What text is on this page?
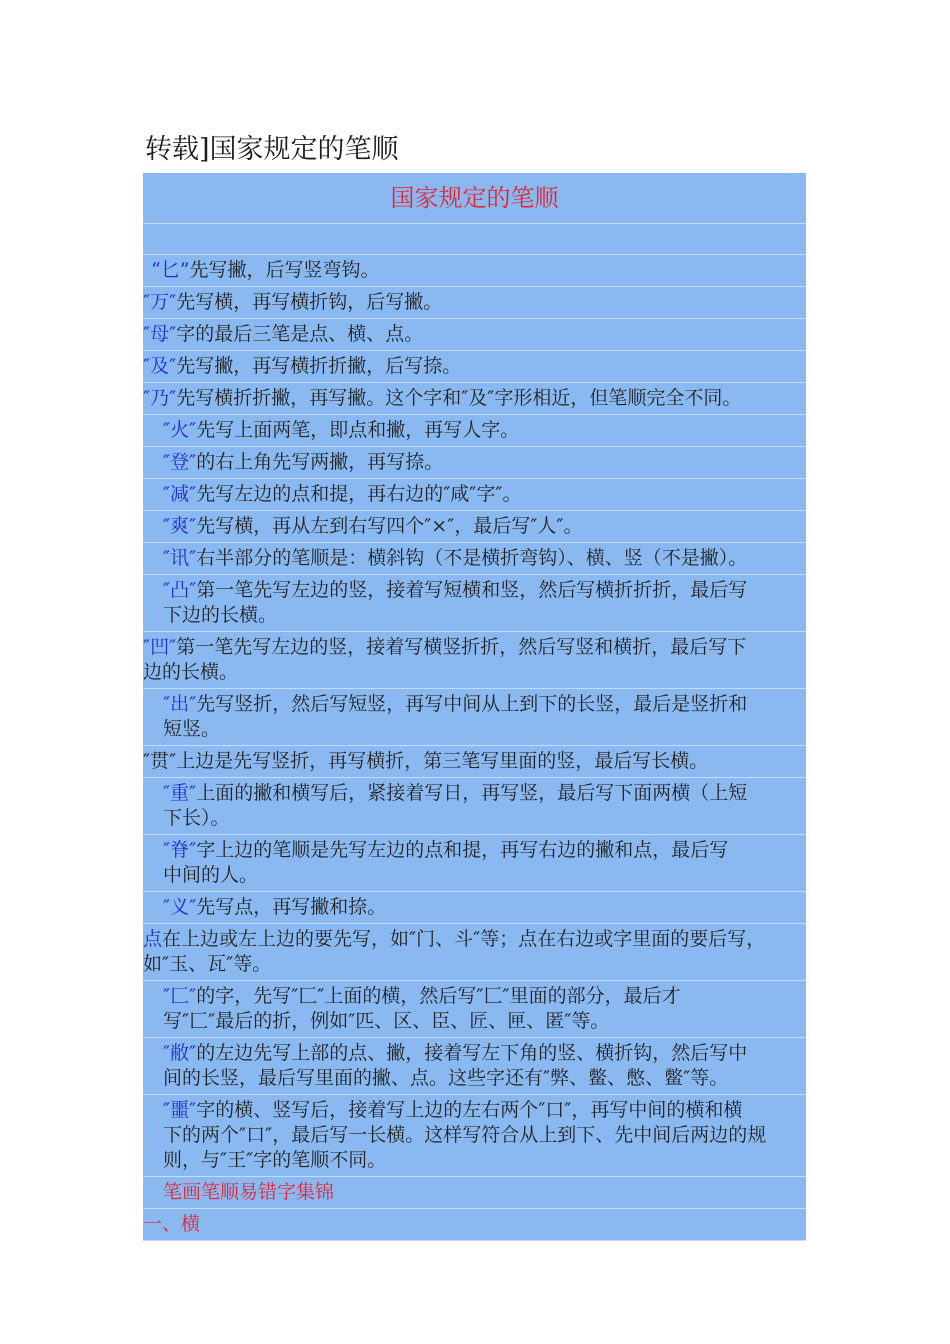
转载]国家规定的笔顺
国家规定的笔顺
“匕”先写撇，后写竖弯钩。
″万″先写横，再写横折钩，后写撇。
″母″字的最后三笔是点、横、点。
″及″先写撇，再写横折折撇，后写捺。
″乃″先写横折折撇，再写撇。这个字和″及″字形相近，但笔顺完全不同。
″火″先写上面两笔，即点和撇，再写人字。
″登″的右上角先写两撇，再写捺。
″减″先写左边的点和提，再右边的″咸″字″。
″爽″先写横，再从左到右写四个″×″，最后写″人″。
″讯″右半部分的笔顺是：横斜钩（不是横折弯钩）、横、竖（不是撇）。
″凸″第一笔先写左边的竖，接着写短横和竖，然后写横折折折，最后写
下边的长横。
″凹″第一笔先写左边的竖，接着写横竖折折，然后写竖和横折，最后写下
边的长横。
″出″先写竖折，然后写短竖，再写中间从上到下的长竖，最后是竖折和
短竖。
″贯″上边是先写竖折，再写横折，第三笔写里面的竖，最后写长横。
″重″上面的撇和横写后，紧接着写日，再写竖，最后写下面两横（上短
下长）。
″脊″字上边的笔顺是先写左边的点和提，再写右边的撇和点，最后写
中间的人。
″义″先写点，再写撇和捺。
点在上边或左上边的要先写，如″门、斗″等；点在右边或字里面的要后写，
如″玉、瓦″等。
″匚″的字，先写″匚″上面的横，然后写″匚″里面的部分，最后才
写″匚″最后的折，例如″匹、区、臣、匠、匣、匿″等。
″敝″的左边先写上部的点、撇，接着写左下角的竖、横折钩，然后写中
间的长竖，最后写里面的撇、点。这些字还有″弊、鳖、憋、鳖″等。
″噩″字的横、竖写后，接着写上边的左右两个″口″，再写中间的横和横
下的两个″口″，最后写一长横。这样写符合从上到下、先中间后两边的规
则，与″王″字的笔顺不同。
笔画笔顺易错字集锦
一、横
